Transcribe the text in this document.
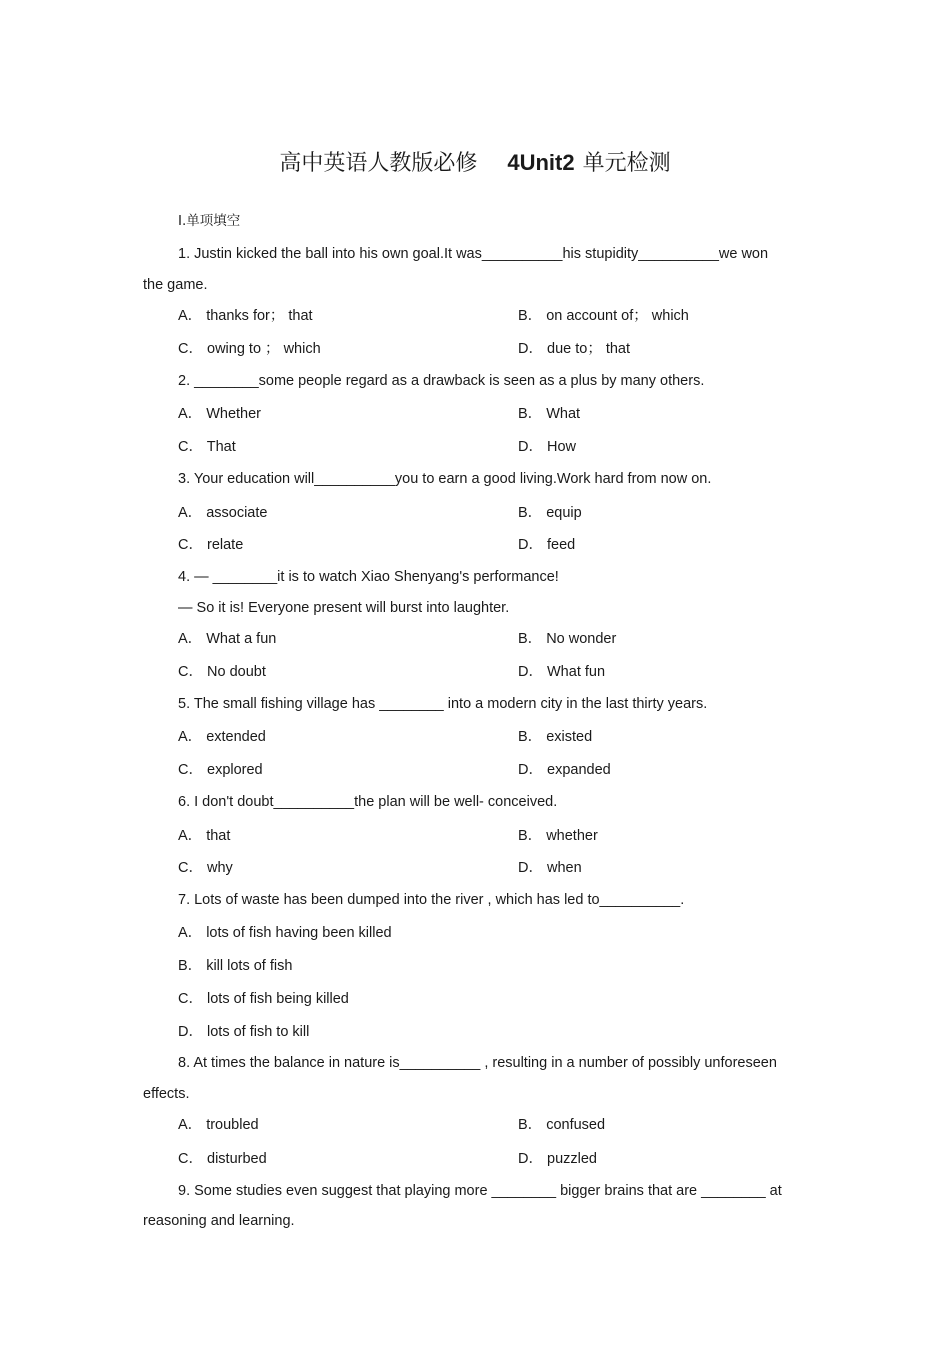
高中英语人教版必修 4Unit2 单元检测
Ⅰ.单项填空
1. Justin kicked the ball into his own goal.It was__________his stupidity__________we won
the game.
A． thanks for； that	B． on account of； which
C． owing to ； which	D． due to； that
2. ________some people regard as a drawback is seen as a plus by many others.
A． Whether	B． What
C． That	D． How
3. Your education will__________you to earn a good living.Work hard from now on.
A． associate	B． equip
C． relate	D． feed
4. — ________it is to watch Xiao Shenyang's performance!
— So it is! Everyone present will burst into laughter.
A． What a fun	B． No wonder
C． No doubt	D． What fun
5. The small fishing village has ________ into a modern city in the last thirty years.
A． extended	B． existed
C． explored	D． expanded
6. I don't doubt__________the plan will be well- conceived.
A． that	B． whether
C． why	D． when
7. Lots of waste has been dumped into the river , which has led to__________.
A． lots of fish having been killed
B． kill lots of fish
C． lots of fish being killed
D． lots of fish to kill
8. At times the balance in nature is__________ , resulting in a number of possibly unforeseen
effects.
A． troubled	B． confused
C． disturbed	D． puzzled
9. Some studies even suggest that playing more ________ bigger brains that are ________ at
reasoning and learning.
